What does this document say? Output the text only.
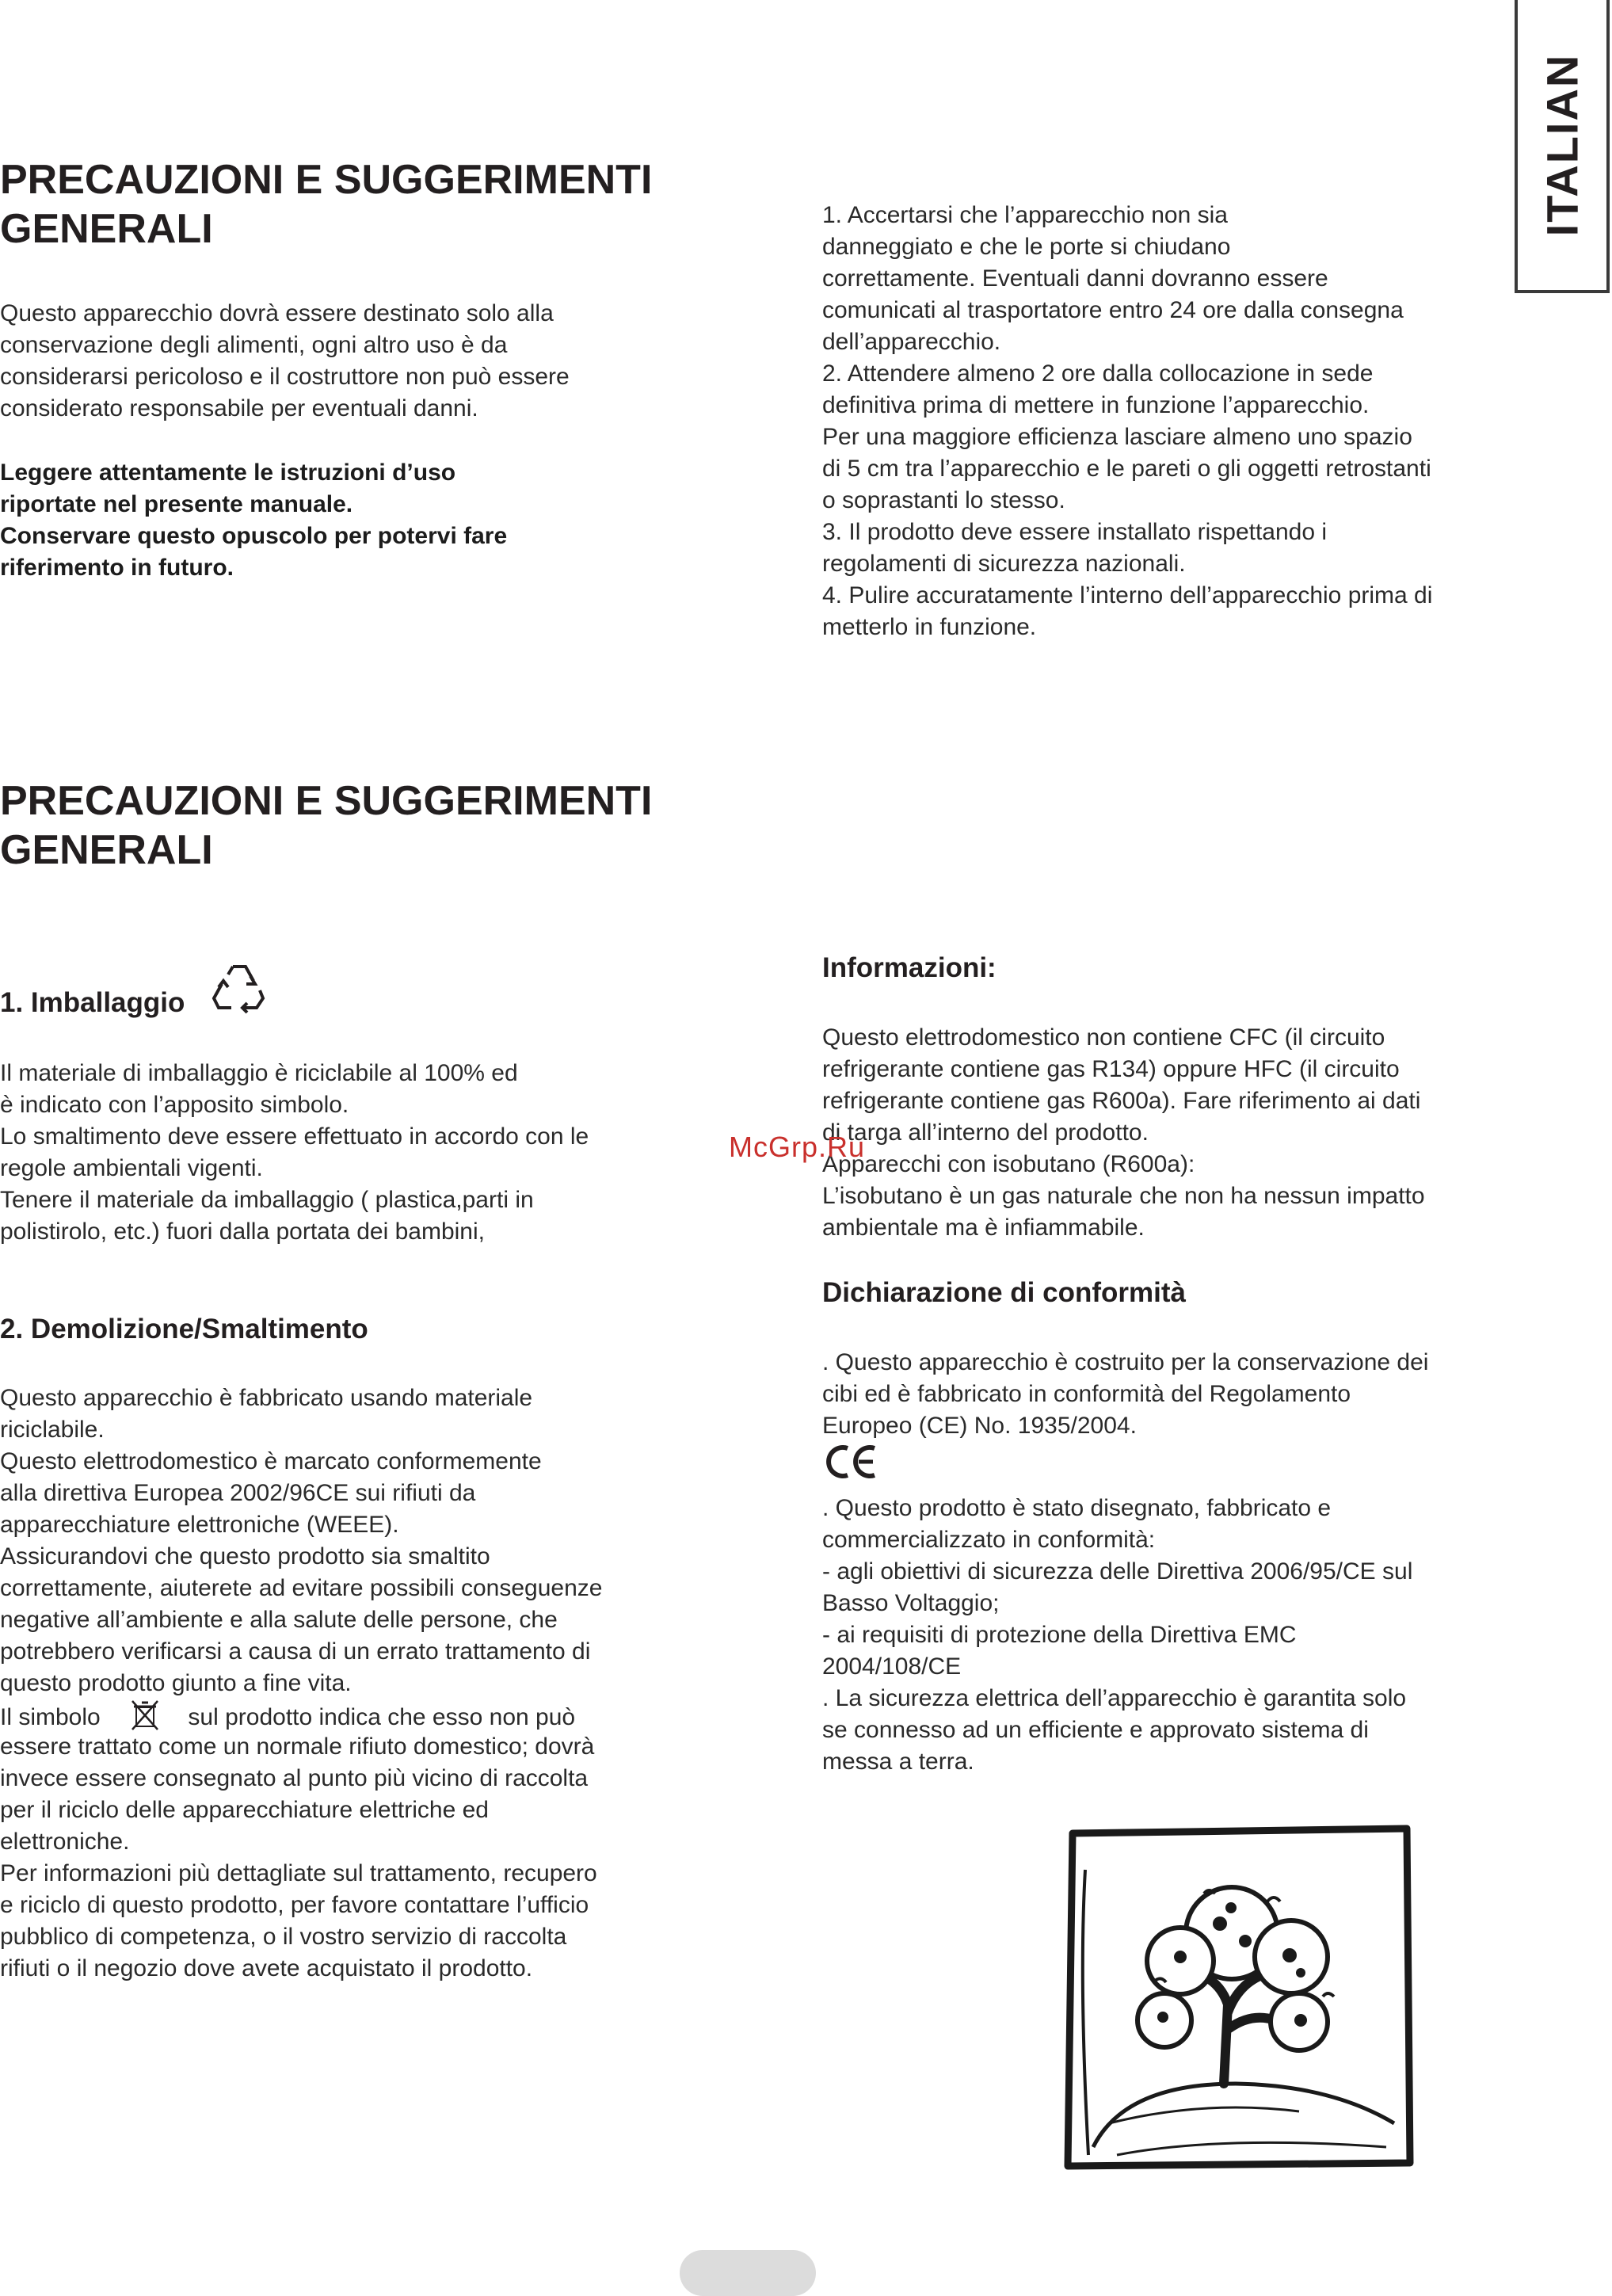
ITALIAN
PRECAUZIONI E SUGGERIMENTI
GENERALI

Questo apparecchio dovrà essere destinato solo alla
conservazione degli alimenti, ogni altro uso è da
considerarsi pericoloso e il costruttore non può essere
considerato responsabile per eventuali danni.

Leggere attentamente le istruzioni d’uso
riportate nel presente manuale.
Conservare questo opuscolo per potervi fare
riferimento in futuro.

1. Accertarsi che l’apparecchio non sia
danneggiato e che le porte si chiudano
correttamente. Eventuali danni dovranno essere
comunicati al trasportatore entro 24 ore dalla consegna
dell’apparecchio.
2. Attendere almeno 2 ore dalla collocazione in sede
definitiva prima di mettere in funzione l’apparecchio.
Per una maggiore efficienza lasciare almeno uno spazio
di 5 cm tra l’apparecchio e le pareti o gli oggetti retrostanti
o soprastanti lo stesso.
3. Il prodotto deve essere installato rispettando i
regolamenti di sicurezza nazionali.
4. Pulire accuratamente l’interno dell’apparecchio prima di
metterlo in funzione.

PRECAUZIONI E SUGGERIMENTI
GENERALI
1. Imballaggio

Il materiale di imballaggio è riciclabile al 100% ed
è indicato con l’apposito simbolo.
Lo smaltimento deve essere effettuato in accordo con le
regole ambientali vigenti.
Tenere il materiale da imballaggio ( plastica,parti in
polistirolo, etc.) fuori dalla portata dei bambini,

2. Demolizione/Smaltimento

Questo apparecchio è fabbricato usando materiale
riciclabile.
Questo elettrodomestico è marcato conformemente
alla direttiva Europea 2002/96CE sui rifiuti da
apparecchiature elettroniche (WEEE).
Assicurandovi che questo prodotto sia smaltito
correttamente, aiuterete ad evitare possibili conseguenze
negative all’ambiente e alla salute delle persone, che
potrebbero verificarsi a causa di un errato trattamento di
questo prodotto giunto a fine vita.

Il simbolo	sul prodotto indica che esso non può

essere trattato come un normale rifiuto domestico; dovrà
invece essere consegnato al punto più vicino di raccolta
per il riciclo delle apparecchiature elettriche ed
elettroniche.
Per informazioni più dettagliate sul trattamento, recupero
e riciclo di questo prodotto, per favore contattare l’ufficio
pubblico di competenza, o il vostro servizio di raccolta
rifiuti o il negozio dove avete acquistato il prodotto.

Informazioni:

Questo elettrodomestico non contiene CFC (il circuito
refrigerante contiene gas R134) oppure HFC (il circuito
refrigerante contiene gas R600a). Fare riferimento ai dati
di targa all’interno del prodotto.
Apparecchi con isobutano (R600a):
L’isobutano è un gas naturale che non ha nessun impatto
ambientale ma è infiammabile.

Dichiarazione di conformità

. Questo apparecchio è costruito per la conservazione dei
cibi ed è fabbricato in conformità del Regolamento
Europeo (CE) No. 1935/2004.

. Questo prodotto è stato disegnato, fabbricato e
commercializzato in conformità:
- agli obiettivi di sicurezza delle Direttiva 2006/95/CE sul
Basso Voltaggio;
- ai requisiti di protezione della Direttiva EMC
2004/108/CE
. La sicurezza elettrica dell’apparecchio è garantita solo
se connesso ad un efficiente e approvato sistema di
messa a terra.

McGrp.Ru
